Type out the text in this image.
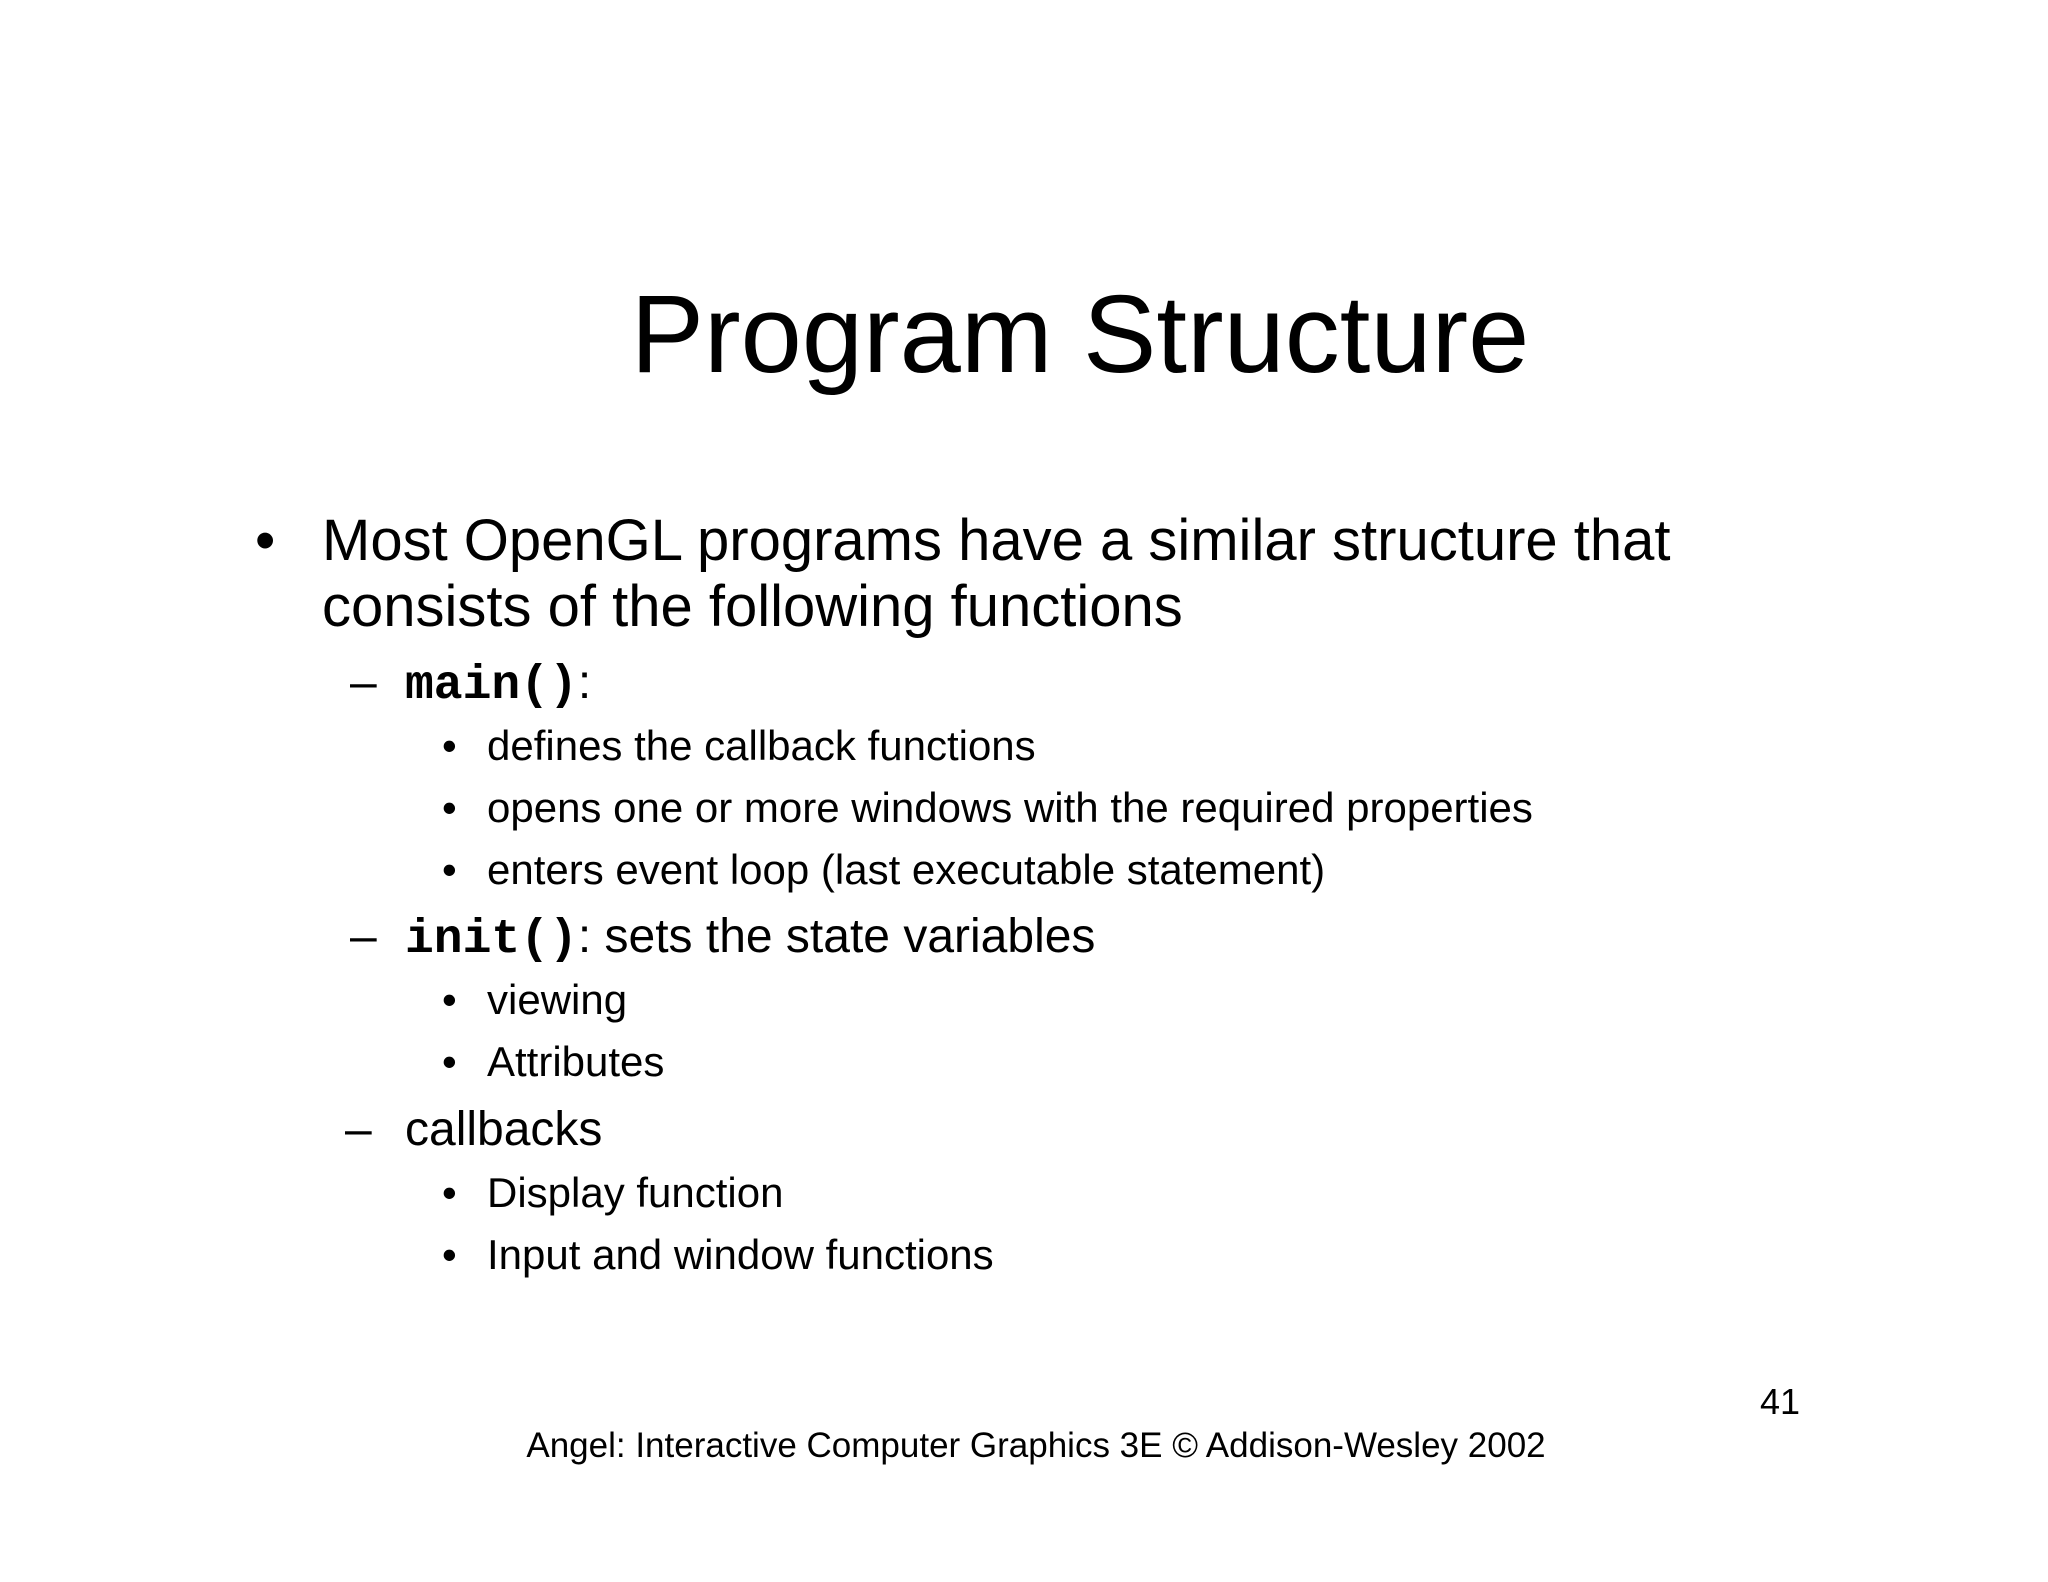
Program Structure
• Most OpenGL programs have a similar structure that
consists of the following functions
– main():
• defines the callback functions
• opens one or more windows with the required properties
• enters event loop (last executable statement)
– init(): sets the state variables
• viewing
• Attributes
– callbacks
• Display function
• Input and window functions
41
Angel: Interactive Computer Graphics 3E © Addison-Wesley 2002
